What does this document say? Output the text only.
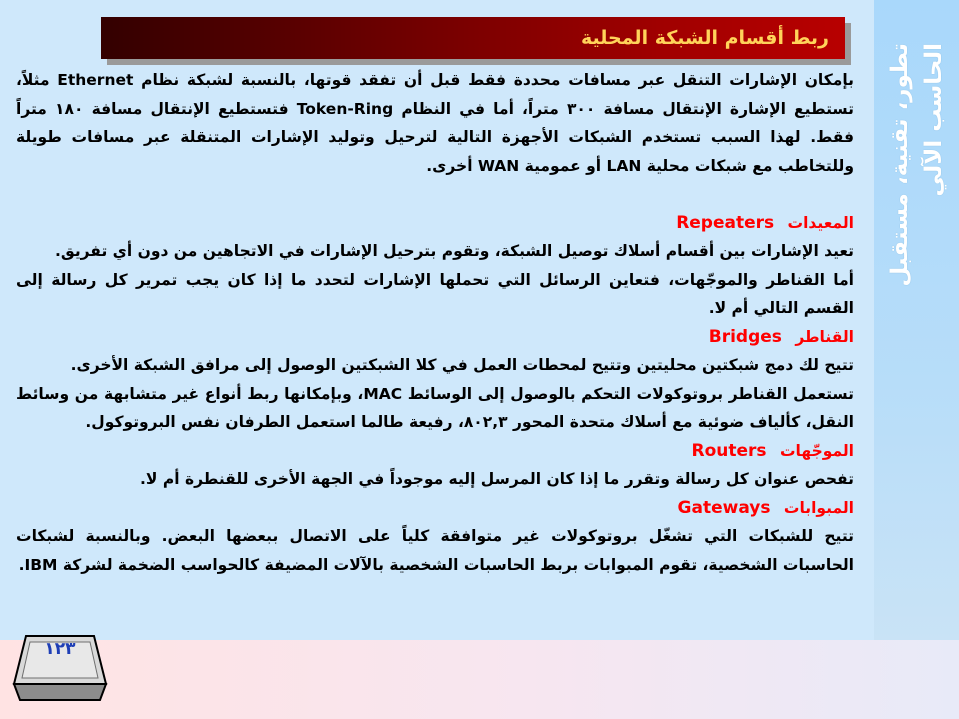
تطور، تقنية، مستقبل الحاسب الآلي
ربط أقسام الشبكة المحلية

بإمكان الإشارات التنقل عبر مسافات محددة فقط قبل أن تفقد قوتها، بالنسبة لشبكة نظام Ethernet مثلاً، تستطيع الإشارة الإنتقال مسافة ٣٠٠ متراً، أما في النظام Token-Ring فتستطيع الإنتقال مسافة ١٨٠ متراً فقط. لهذا السبب تستخدم الشبكات الأجهزة التالية لترحيل وتوليد الإشارات المتنقلة عبر مسافات طويلة وللتخاطب مع شبكات محلية LAN أو عمومية WAN أخرى.

المعيدات Repeaters

تعيد الإشارات بين أقسام أسلاك توصيل الشبكة، وتقوم بترحيل الإشارات في الاتجاهين من دون أي تفريق.

أما القناطر والموجّهات، فتعاين الرسائل التي تحملها الإشارات لتحدد ما إذا كان يجب تمرير كل رسالة إلى القسم التالي أم لا.

القناطر Bridges

تتيح لك دمج شبكتين محليتين وتتيح لمحطات العمل في كلا الشبكتين الوصول إلى مرافق الشبكة الأخرى.

تستعمل القناطر بروتوكولات التحكم بالوصول إلى الوسائط MAC، وبإمكانها ربط أنواع غير متشابهة من وسائط النقل، كألياف ضوئية مع أسلاك متحدة المحور ٨٠٢,٣، رفيعة طالما استعمل الطرفان نفس البروتوكول.

الموجّهات Routers

تفحص عنوان كل رسالة وتقرر ما إذا كان المرسل إليه موجوداً في الجهة الأخرى للقنطرة أم لا.

المبوابات Gateways

تتيح للشبكات التي تشغّل بروتوكولات غير متوافقة كلياً على الاتصال ببعضها البعض. وبالنسبة لشبكات الحاسبات الشخصية، تقوم المبوابات بربط الحاسبات الشخصية بالآلات المضيفة كالحواسب الضخمة لشركة IBM.

١٢٣
